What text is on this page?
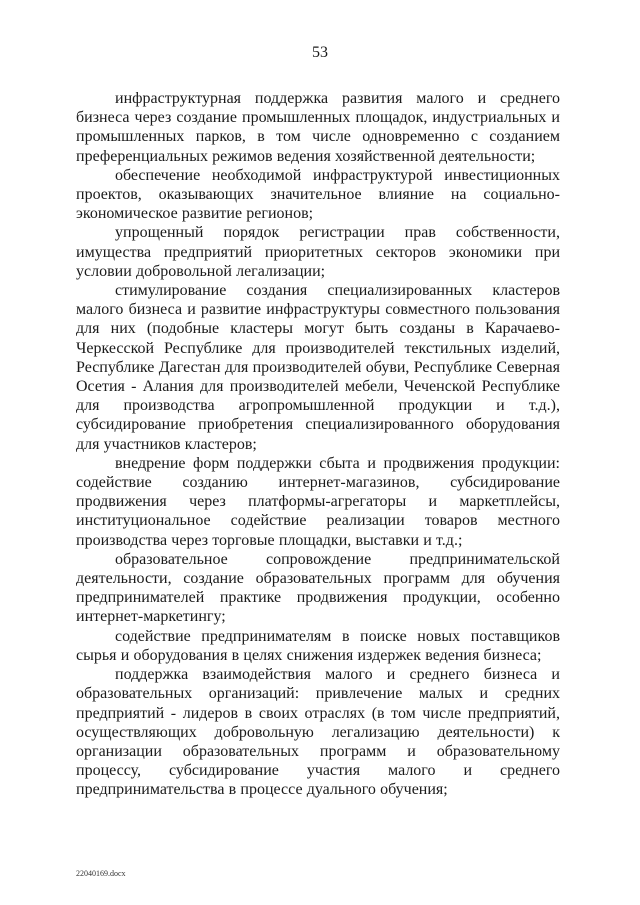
53

инфраструктурная поддержка развития малого и среднего бизнеса через создание промышленных площадок, индустриальных и промышленных парков, в том числе одновременно с созданием преференциальных режимов ведения хозяйственной деятельности;

обеспечение необходимой инфраструктурой инвестиционных проектов, оказывающих значительное влияние на социально-экономическое развитие регионов;

упрощенный порядок регистрации прав собственности, имущества предприятий приоритетных секторов экономики при условии добровольной легализации;

стимулирование создания специализированных кластеров малого бизнеса и развитие инфраструктуры совместного пользования для них (подобные кластеры могут быть созданы в Карачаево-Черкесской Республике для производителей текстильных изделий, Республике Дагестан для производителей обуви, Республике Северная Осетия - Алания для производителей мебели, Чеченской Республике для производства агропромышленной продукции и т.д.), субсидирование приобретения специализированного оборудования для участников кластеров;

внедрение форм поддержки сбыта и продвижения продукции: содействие созданию интернет-магазинов, субсидирование продвижения через платформы-агрегаторы и маркетплейсы, институциональное содействие реализации товаров местного производства через торговые площадки, выставки и т.д.;

образовательное сопровождение предпринимательской деятельности, создание образовательных программ для обучения предпринимателей практике продвижения продукции, особенно интернет-маркетингу;

содействие предпринимателям в поиске новых поставщиков сырья и оборудования в целях снижения издержек ведения бизнеса;

поддержка взаимодействия малого и среднего бизнеса и образовательных организаций: привлечение малых и средних предприятий - лидеров в своих отраслях (в том числе предприятий, осуществляющих добровольную легализацию деятельности) к организации образовательных программ и образовательному процессу, субсидирование участия малого и среднего предпринимательства в процессе дуального обучения;

22040169.docx
